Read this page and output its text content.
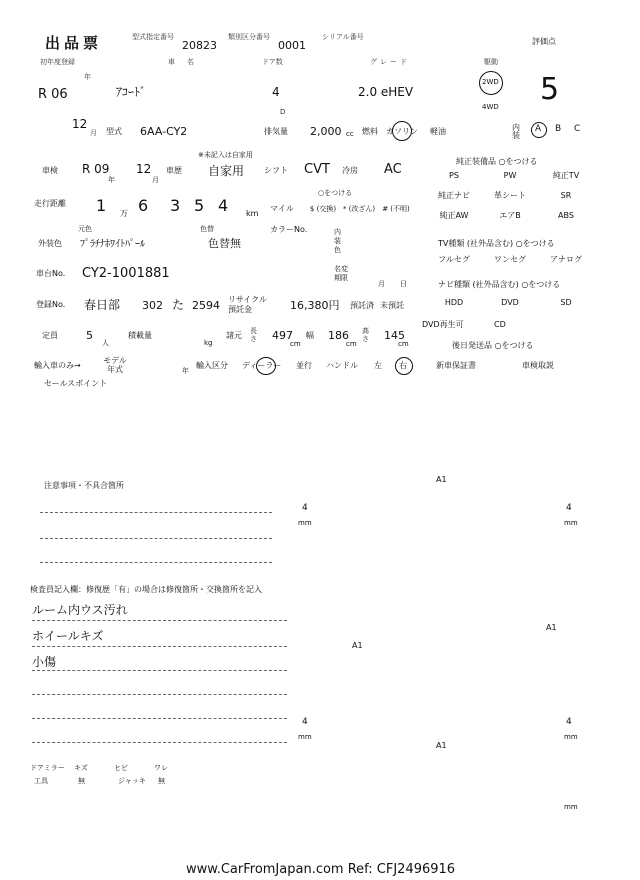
出品票	型式指定番号
20823
類別区分番号
0001
シリアル番号	評価点
5
初年度登録
年
R 06
12
月
車名
ｱｺｰﾄﾞ
ドア数
4
D
グレード
2.0 eHEV
駆動
2WD
4WD
型式 6AA-CY2	排気量 2,000 cc 燃料 ガソリン 軽油	内装
A B C
車検 R 09
年
12
月
車歴
※未記入は自家用
自家用 シフト CVT 冷房 AC
走行距離 1 6 3 5 4
万	km
○をつける
マイル	$ (交換) * (改ざん)	# (不明)
外装色
元色
ﾌﾟﾗﾁﾅﾎﾜｲﾄﾊﾟｰﾙ
色替
色替無
カラーNo.	内装色
車台No. CY2-1001881	名変期限
月 日
登録No. 春日部 302 た 2594 リサイクル預託金	16,380円 預託済 未預託
定員	5
人
積載量
kg
諸元 長さ 497
cm
幅 186
cm
高さ 145
cm
輸入車のみ→
モデル年式	年
輸入区分 ディーラー 並行 ハンドル 左 右
セールスポイント
純正装備品 ○をつける
PS	PW	純正TV
純正ナビ	革シート	SR
純正AW	エアB	ABS
TV種類 (社外品含む) ○をつける
フルセグ	ワンセグ	アナログ
ナビ種類 (社外品含む) ○をつける
HDD	DVD	SD
DVD再生可	CD
後日発送品 ○をつける
新車保証書	車検取説
注意事項・不具合箇所
検査員記入欄：修復歴「有」の場合は修復箇所・交換箇所を記入
ルーム内ウス汚れ
ホイールキズ
小傷
ドアミラー キズ	ヒビ	ワレ
工具	無	ジャッキ 無
www.CarFromJapan.com Ref: CFJ2496916
A1
A1
A1
A1
4
mm
4
mm
4
mm
4
mm
mm
